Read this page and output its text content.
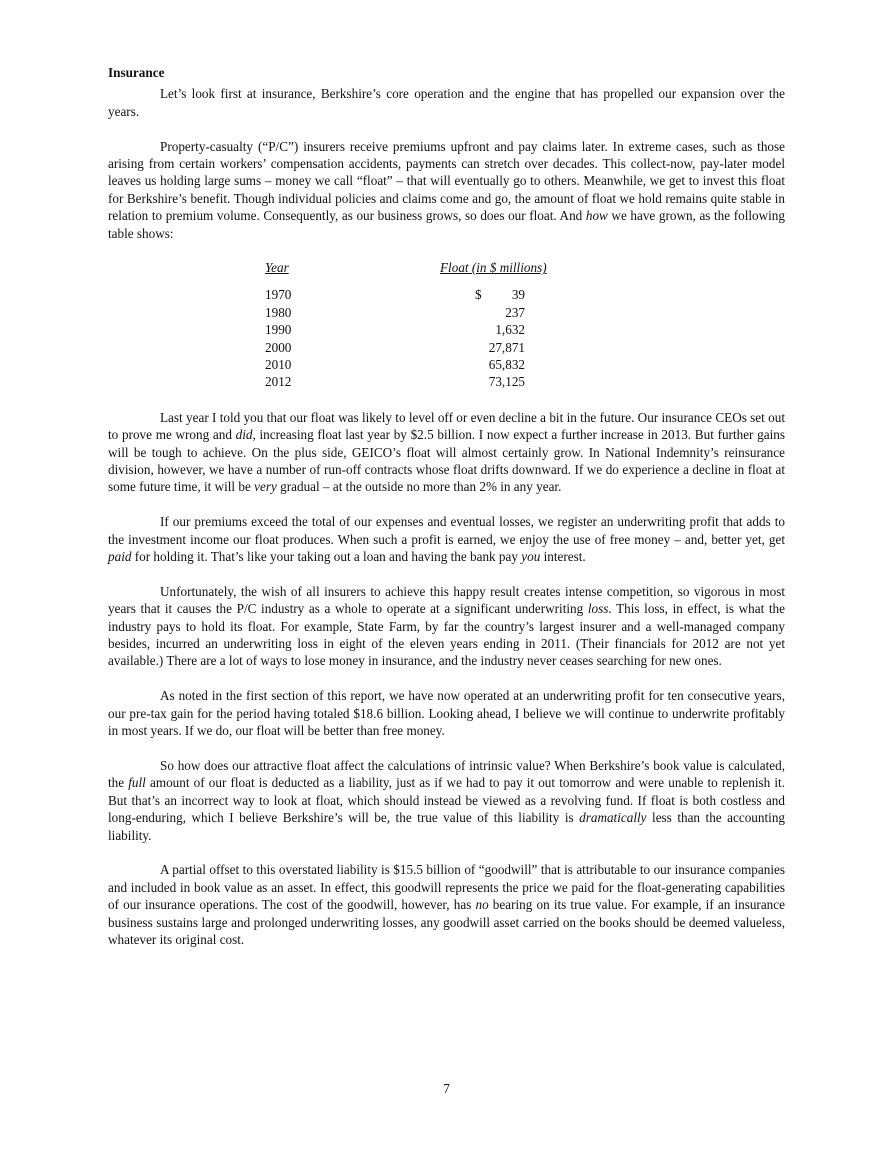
Insurance

Let’s look first at insurance, Berkshire’s core operation and the engine that has propelled our expansion over the years.

Property-casualty (“P/C”) insurers receive premiums upfront and pay claims later. In extreme cases, such as those arising from certain workers’ compensation accidents, payments can stretch over decades. This collect-now, pay-later model leaves us holding large sums – money we call “float” – that will eventually go to others. Meanwhile, we get to invest this float for Berkshire’s benefit. Though individual policies and claims come and go, the amount of float we hold remains quite stable in relation to premium volume. Consequently, as our business grows, so does our float. And how we have grown, as the following table shows:

Year	Float (in $ millions)
1970	$	39
1980	237
1990	1,632
2000	27,871
2010	65,832
2012	73,125

Last year I told you that our float was likely to level off or even decline a bit in the future. Our insurance CEOs set out to prove me wrong and did, increasing float last year by $2.5 billion. I now expect a further increase in 2013. But further gains will be tough to achieve. On the plus side, GEICO’s float will almost certainly grow. In National Indemnity’s reinsurance division, however, we have a number of run-off contracts whose float drifts downward. If we do experience a decline in float at some future time, it will be very gradual – at the outside no more than 2% in any year.

If our premiums exceed the total of our expenses and eventual losses, we register an underwriting profit that adds to the investment income our float produces. When such a profit is earned, we enjoy the use of free money – and, better yet, get paid for holding it. That’s like your taking out a loan and having the bank pay you interest.

Unfortunately, the wish of all insurers to achieve this happy result creates intense competition, so vigorous in most years that it causes the P/C industry as a whole to operate at a significant underwriting loss. This loss, in effect, is what the industry pays to hold its float. For example, State Farm, by far the country’s largest insurer and a well-managed company besides, incurred an underwriting loss in eight of the eleven years ending in 2011. (Their financials for 2012 are not yet available.) There are a lot of ways to lose money in insurance, and the industry never ceases searching for new ones.

As noted in the first section of this report, we have now operated at an underwriting profit for ten consecutive years, our pre-tax gain for the period having totaled $18.6 billion. Looking ahead, I believe we will continue to underwrite profitably in most years. If we do, our float will be better than free money.

So how does our attractive float affect the calculations of intrinsic value? When Berkshire’s book value is calculated, the full amount of our float is deducted as a liability, just as if we had to pay it out tomorrow and were unable to replenish it. But that’s an incorrect way to look at float, which should instead be viewed as a revolving fund. If float is both costless and long-enduring, which I believe Berkshire’s will be, the true value of this liability is dramatically less than the accounting liability.

A partial offset to this overstated liability is $15.5 billion of “goodwill” that is attributable to our insurance companies and included in book value as an asset. In effect, this goodwill represents the price we paid for the float-generating capabilities of our insurance operations. The cost of the goodwill, however, has no bearing on its true value. For example, if an insurance business sustains large and prolonged underwriting losses, any goodwill asset carried on the books should be deemed valueless, whatever its original cost.

7
